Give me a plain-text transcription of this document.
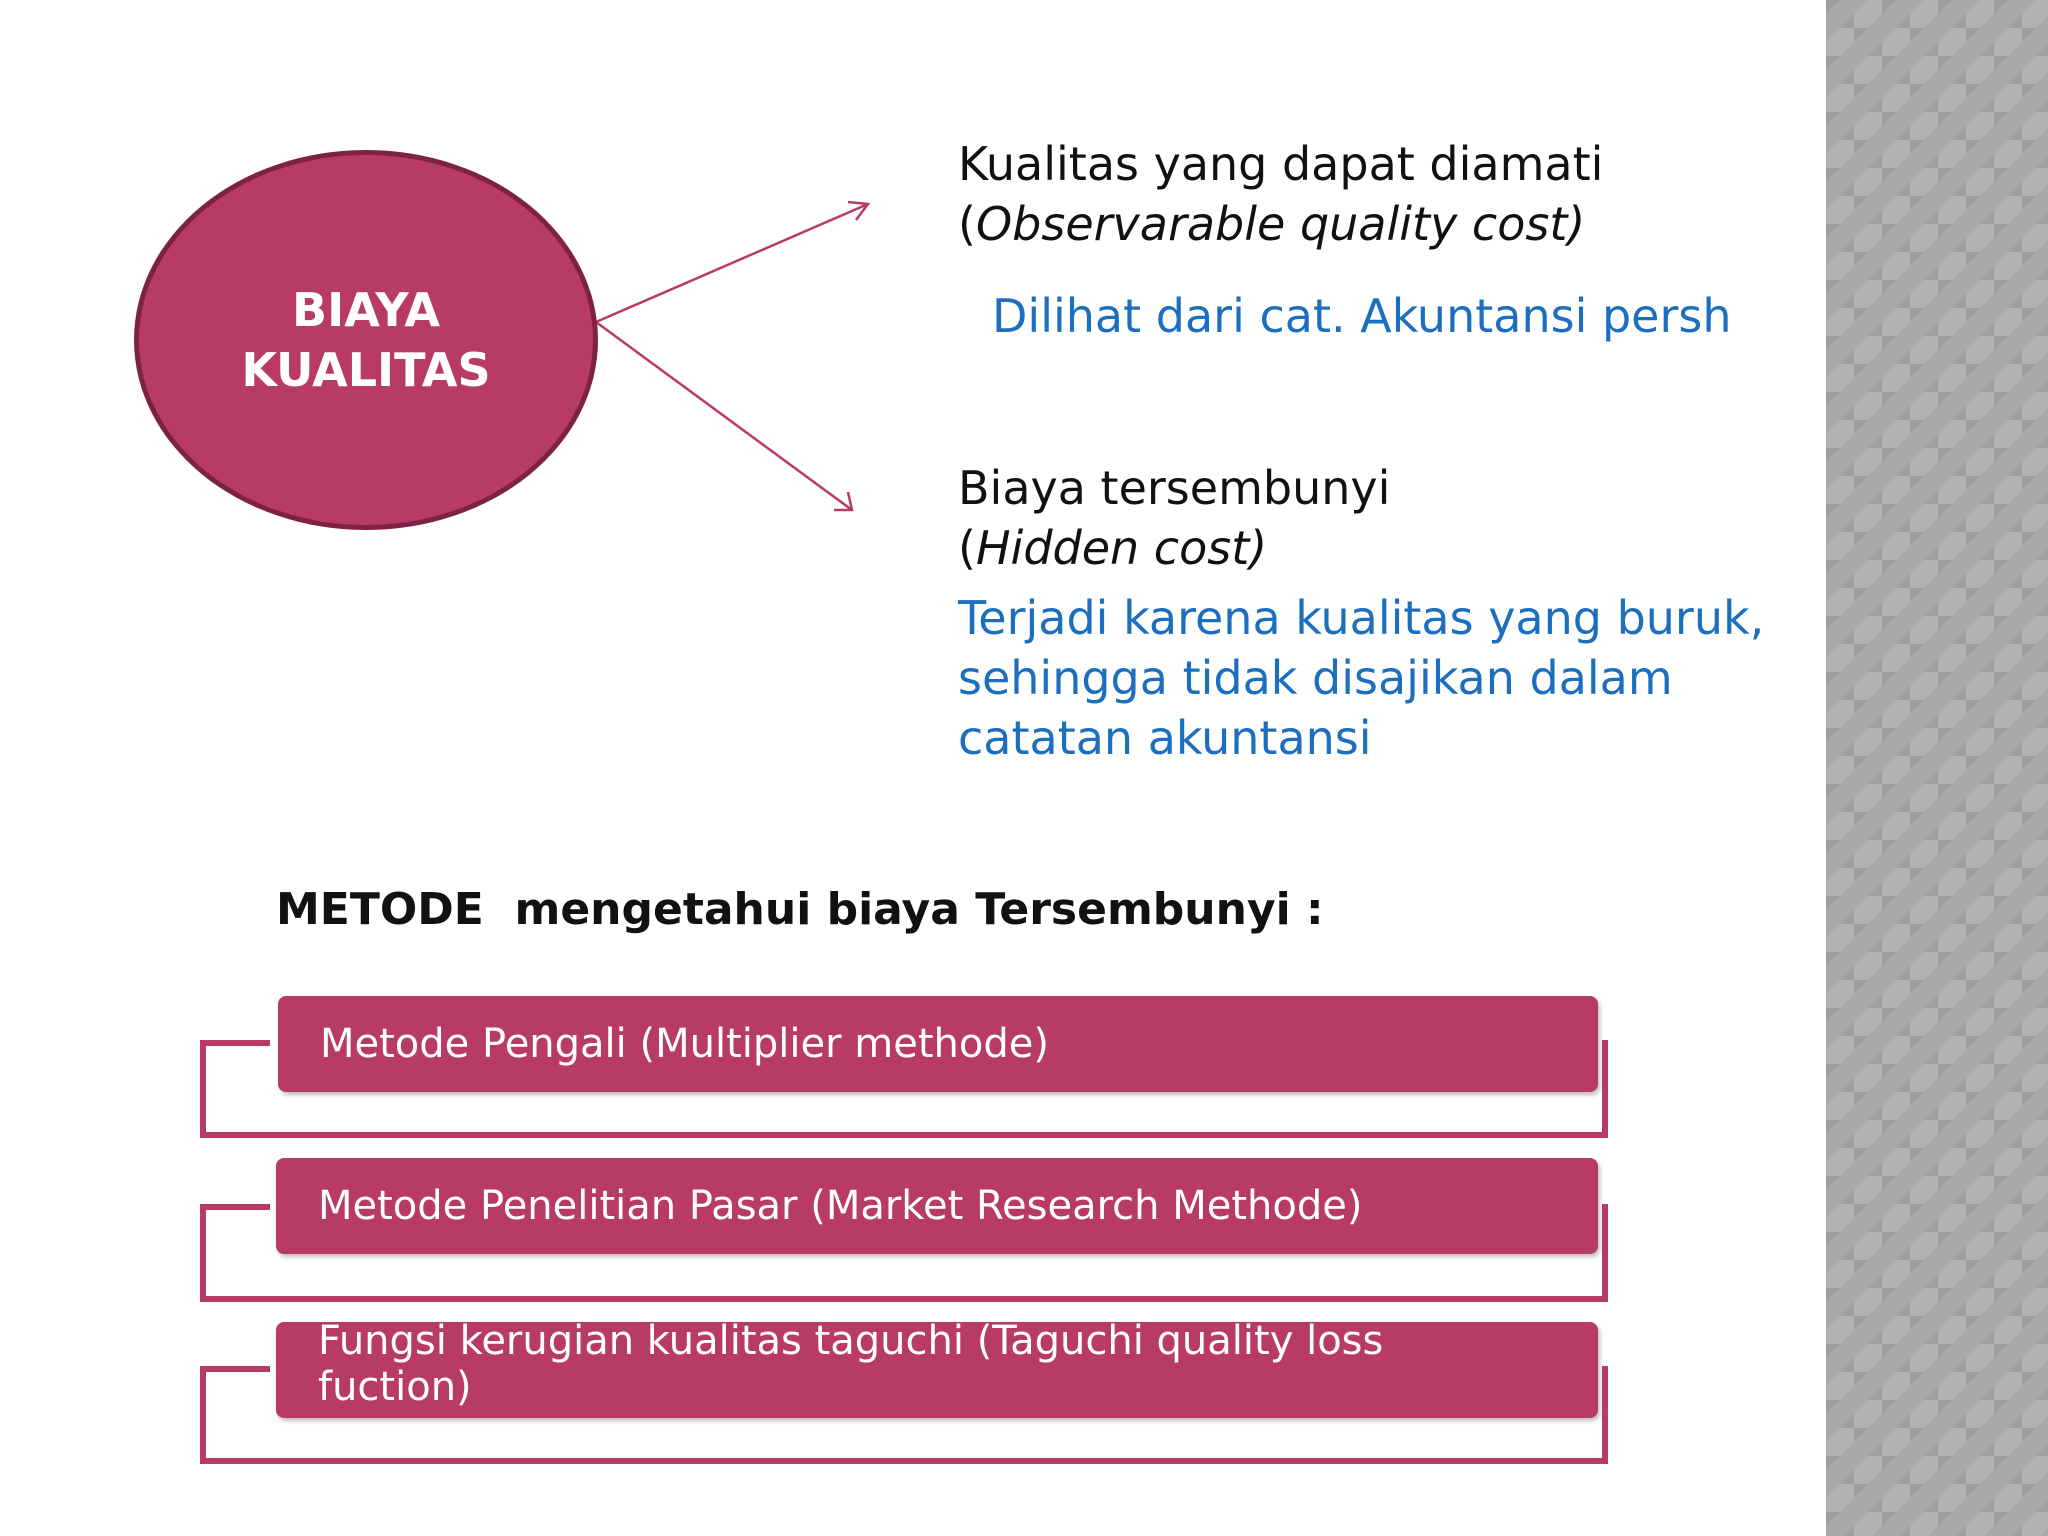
BIAYA
KUALITAS
Kualitas yang dapat diamati
(Observarable quality cost)
Dilihat dari cat. Akuntansi persh
Biaya tersembunyi
(Hidden cost)
Terjadi karena kualitas yang buruk,
sehingga tidak disajikan dalam
catatan akuntansi
METODE  mengetahui biaya Tersembunyi :
Metode Pengali (Multiplier methode)
Metode Penelitian Pasar (Market Research Methode)
Fungsi kerugian kualitas taguchi (Taguchi quality loss
fuction)
